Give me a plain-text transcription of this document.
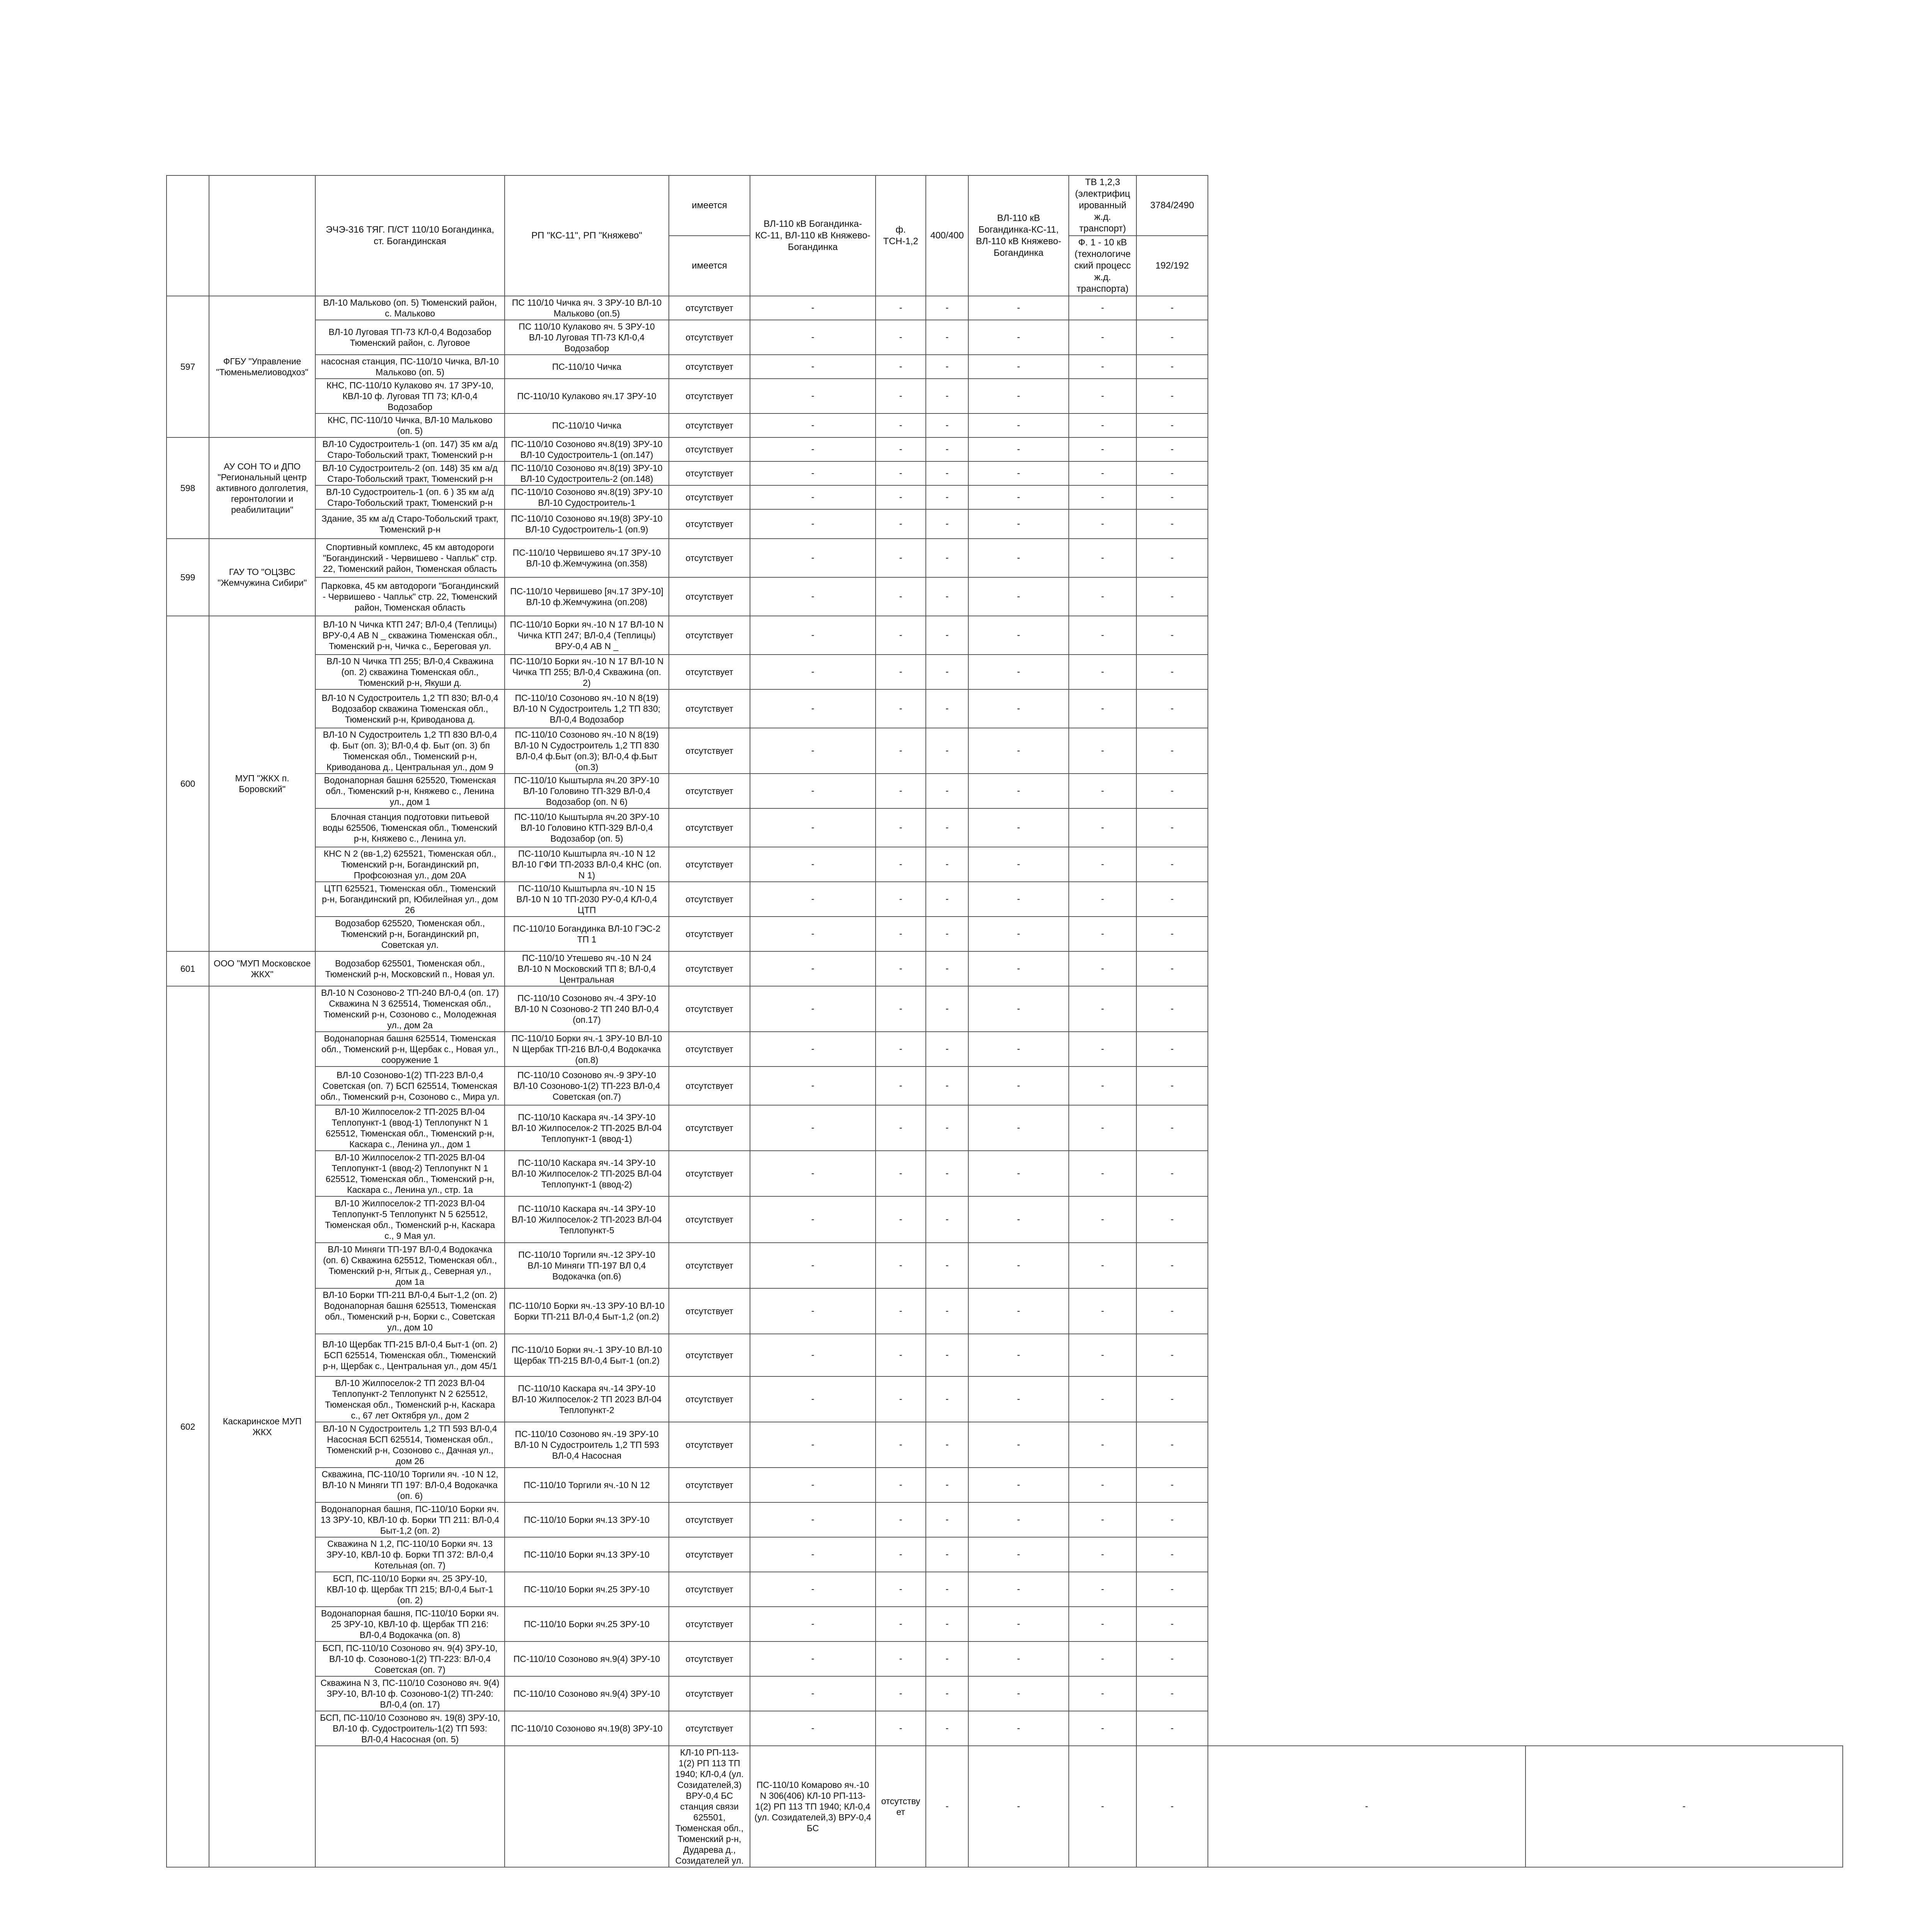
		ЭЧЭ-316 ТЯГ. П/СТ 110/10 Богандинка, ст. Богандинская	РП "КС-11", РП "Княжево"	имеется	ВЛ-110 кВ Богандинка-КС-11, ВЛ-110 кВ Княжево-Богандинка	ф. ТСН-1,2	400/400	ВЛ-110 кВ Богандинка-КС-11, ВЛ-110 кВ Княжево-Богандинка	ТВ 1,2,3 (электрифицированный ж.д. транспорт)	3784/2490		
				имеется					Ф. 1 - 10 кВ (технологический процесс ж.д. транспорта)	192/192		
597	ФГБУ "Управление "Тюменьмелиоводхоз"	ВЛ-10 Мальково (оп. 5) Тюменский район, с. Мальково	ПС 110/10 Чичка яч. 3 ЗРУ-10 ВЛ-10 Мальково (оп.5)	отсутствует	-	-	-	-	-	-		
		ВЛ-10 Луговая ТП-73 КЛ-0,4 Водозабор Тюменский район, с. Луговое	ПС 110/10 Кулаково яч. 5 ЗРУ-10 ВЛ-10 Луговая ТП-73 КЛ-0,4 Водозабор	отсутствует	-	-	-	-	-	-		
		насосная станция, ПС-110/10 Чичка, ВЛ-10 Мальково (оп. 5)	ПС-110/10 Чичка	отсутствует	-	-	-	-	-	-		
		КНС, ПС-110/10 Кулаково яч. 17 ЗРУ-10, КВЛ-10 ф. Луговая ТП 73; КЛ-0,4 Водозабор	ПС-110/10 Кулаково яч.17 ЗРУ-10	отсутствует	-	-	-	-	-	-		
		КНС, ПС-110/10 Чичка, ВЛ-10 Мальково (оп. 5)	ПС-110/10 Чичка	отсутствует	-	-	-	-	-	-		
598	АУ СОН ТО и ДПО "Региональный центр активного долголетия, геронтологии и реабилитации"	ВЛ-10 Судостроитель-1 (оп. 147) 35 км а/д Старо-Тобольский тракт, Тюменский р-н	ПС-110/10 Созоново яч.8(19) ЗРУ-10 ВЛ-10 Судостроитель-1 (оп.147)	отсутствует	-	-	-	-	-	-		
		ВЛ-10 Судостроитель-2 (оп. 148) 35 км а/д Старо-Тобольский тракт, Тюменский р-н	ПС-110/10 Созоново яч.8(19) ЗРУ-10 ВЛ-10 Судостроитель-2 (оп.148)	отсутствует	-	-	-	-	-	-		
		ВЛ-10 Судостроитель-1 (оп. 6 ) 35 км а/д Старо-Тобольский тракт, Тюменский р-н	ПС-110/10 Созоново яч.8(19) ЗРУ-10 ВЛ-10 Судостроитель-1	отсутствует	-	-	-	-	-	-		
		Здание, 35 км а/д Старо-Тобольский тракт, Тюменский р-н	ПС-110/10 Созоново яч.19(8) ЗРУ-10 ВЛ-10 Судостроитель-1 (оп.9)	отсутствует	-	-	-	-	-	-		
599	ГАУ ТО "ОЦЗВС "Жемчужина Сибири"	Спортивный комплекс, 45 км автодороги "Богандинский - Червишево - Чапльк" стр. 22, Тюменский район, Тюменская область	ПС-110/10 Червишево яч.17 ЗРУ-10 ВЛ-10 ф.Жемчужина (оп.358)	отсутствует	-	-	-	-	-	-		
		Парковка, 45 км автодороги "Богандинский - Червишево - Чапльк" стр. 22, Тюменский район, Тюменская область	ПС-110/10 Червишево [яч.17 ЗРУ-10] ВЛ-10 ф.Жемчужина (оп.208)	отсутствует	-	-	-	-	-	-		
600	МУП "ЖКХ п. Боровский"	ВЛ-10 N Чичка КТП 247; ВЛ-0,4 (Теплицы) ВРУ-0,4 АВ N _ скважина Тюменская обл., Тюменский р-н, Чичка с., Береговая ул.	ПС-110/10 Борки яч.-10 N 17 ВЛ-10 N Чичка КТП 247; ВЛ-0,4 (Теплицы) ВРУ-0,4 АВ N _	отсутствует	-	-	-	-	-	-		
		ВЛ-10 N Чичка ТП 255; ВЛ-0,4 Скважина (оп. 2) скважина Тюменская обл., Тюменский р-н, Якуши д.	ПС-110/10 Борки яч.-10 N 17 ВЛ-10 N Чичка ТП 255; ВЛ-0,4 Скважина (оп. 2)	отсутствует	-	-	-	-	-	-		
		ВЛ-10 N Судостроитель 1,2 ТП 830; ВЛ-0,4 Водозабор скважина Тюменская обл., Тюменский р-н, Криводанова д.	ПС-110/10 Созоново яч.-10 N 8(19) ВЛ-10 N Судостроитель 1,2 ТП 830; ВЛ-0,4 Водозабор	отсутствует	-	-	-	-	-	-		
		ВЛ-10 N Судостроитель 1,2 ТП 830 ВЛ-0,4 ф. Быт (оп. 3); ВЛ-0,4 ф. Быт (оп. 3) бп Тюменская обл., Тюменский р-н, Криводанова д., Центральная ул., дом 9	ПС-110/10 Созоново яч.-10 N 8(19) ВЛ-10 N Судостроитель 1,2 ТП 830 ВЛ-0,4 ф.Быт (оп.3); ВЛ-0,4 ф.Быт (оп.3)	отсутствует	-	-	-	-	-	-		
		Водонапорная башня 625520, Тюменская обл., Тюменский р-н, Княжево с., Ленина ул., дом 1	ПС-110/10 Кыштырла яч.20 ЗРУ-10 ВЛ-10 Головино ТП-329 ВЛ-0,4 Водозабор (оп. N 6)	отсутствует	-	-	-	-	-	-		
		Блочная станция подготовки питьевой воды 625506, Тюменская обл., Тюменский р-н, Княжево с., Ленина ул.	ПС-110/10 Кыштырла яч.20 ЗРУ-10 ВЛ-10 Головино КТП-329 ВЛ-0,4 Водозабор (оп. 5)	отсутствует	-	-	-	-	-	-		
		КНС N 2 (вв-1,2) 625521, Тюменская обл., Тюменский р-н, Богандинский рп, Профсоюзная ул., дом 20А	ПС-110/10 Кыштырла яч.-10 N 12 ВЛ-10 ГФИ ТП-2033 ВЛ-0,4 КНС (оп. N 1)	отсутствует	-	-	-	-	-	-		
		ЦТП 625521, Тюменская обл., Тюменский р-н, Богандинский рп, Юбилейная ул., дом 26	ПС-110/10 Кыштырла яч.-10 N 15 ВЛ-10 N 10 ТП-2030 РУ-0,4 КЛ-0,4 ЦТП	отсутствует	-	-	-	-	-	-		
		Водозабор 625520, Тюменская обл., Тюменский р-н, Богандинский рп, Советская ул.	ПС-110/10 Богандинка ВЛ-10 ГЭС-2 ТП 1	отсутствует	-	-	-	-	-	-		
601	ООО "МУП Московское ЖКХ"	Водозабор 625501, Тюменская обл., Тюменский р-н, Московский п., Новая ул.	ПС-110/10 Утешево яч.-10 N 24 ВЛ-10 N Московский ТП 8; ВЛ-0,4 Центральная	отсутствует	-	-	-	-	-	-		
602	Каскаринское МУП ЖКХ	ВЛ-10 N Созоново-2 ТП-240 ВЛ-0,4 (оп. 17) Скважина N 3 625514, Тюменская обл., Тюменский р-н, Созоново с., Молодежная ул., дом 2а	ПС-110/10 Созоново яч.-4 ЗРУ-10 ВЛ-10 N Созоново-2 ТП 240 ВЛ-0,4 (оп.17)	отсутствует	-	-	-	-	-	-		
		Водонапорная башня 625514, Тюменская обл., Тюменский р-н, Щербак с., Новая ул., сооружение 1	ПС-110/10 Борки яч.-1 ЗРУ-10 ВЛ-10 N Щербак ТП-216 ВЛ-0,4 Водокачка (оп.8)	отсутствует	-	-	-	-	-	-		
		ВЛ-10 Созоново-1(2) ТП-223 ВЛ-0,4 Советская (оп. 7) БСП 625514, Тюменская обл., Тюменский р-н, Созоново с., Мира ул.	ПС-110/10 Созоново яч.-9 ЗРУ-10 ВЛ-10 Созоново-1(2) ТП-223 ВЛ-0,4 Советская (оп.7)	отсутствует	-	-	-	-	-	-		
		ВЛ-10 Жилпоселок-2 ТП-2025 ВЛ-04 Теплопункт-1 (ввод-1) Теплопункт N 1 625512, Тюменская обл., Тюменский р-н, Каскара с., Ленина ул., дом 1	ПС-110/10 Каскара яч.-14 ЗРУ-10 ВЛ-10 Жилпоселок-2 ТП-2025 ВЛ-04 Теплопункт-1 (ввод-1)	отсутствует	-	-	-	-	-	-		
		ВЛ-10 Жилпоселок-2 ТП-2025 ВЛ-04 Теплопункт-1 (ввод-2) Теплопункт N 1 625512, Тюменская обл., Тюменский р-н, Каскара с., Ленина ул., стр. 1а	ПС-110/10 Каскара яч.-14 ЗРУ-10 ВЛ-10 Жилпоселок-2 ТП-2025 ВЛ-04 Теплопункт-1 (ввод-2)	отсутствует	-	-	-	-	-	-		
		ВЛ-10 Жилпоселок-2 ТП-2023 ВЛ-04 Теплопункт-5 Теплопункт N 5 625512, Тюменская обл., Тюменский р-н, Каскара с., 9 Мая ул.	ПС-110/10 Каскара яч.-14 ЗРУ-10 ВЛ-10 Жилпоселок-2 ТП-2023 ВЛ-04 Теплопункт-5	отсутствует	-	-	-	-	-	-		
		ВЛ-10 Миняги ТП-197 ВЛ-0,4 Водокачка (оп. 6) Скважина 625512, Тюменская обл., Тюменский р-н, Ягтык д., Северная ул., дом 1а	ПС-110/10 Торгили яч.-12 ЗРУ-10 ВЛ-10 Миняги ТП-197 ВЛ 0,4 Водокачка (оп.6)	отсутствует	-	-	-	-	-	-		
		ВЛ-10 Борки ТП-211 ВЛ-0,4 Быт-1,2 (оп. 2) Водонапорная башня 625513, Тюменская обл., Тюменский р-н, Борки с., Советская ул., дом 10	ПС-110/10 Борки яч.-13 ЗРУ-10 ВЛ-10 Борки ТП-211 ВЛ-0,4 Быт-1,2 (оп.2)	отсутствует	-	-	-	-	-	-		
		ВЛ-10 Щербак ТП-215 ВЛ-0,4 Быт-1 (оп. 2) БСП 625514, Тюменская обл., Тюменский р-н, Щербак с., Центральная ул., дом 45/1	ПС-110/10 Борки яч.-1 ЗРУ-10 ВЛ-10 Щербак ТП-215 ВЛ-0,4 Быт-1 (оп.2)	отсутствует	-	-	-	-	-	-		
		ВЛ-10 Жилпоселок-2 ТП 2023 ВЛ-04 Теплопункт-2 Теплопункт N 2 625512, Тюменская обл., Тюменский р-н, Каскара с., 67 лет Октября ул., дом 2	ПС-110/10 Каскара яч.-14 ЗРУ-10 ВЛ-10 Жилпоселок-2 ТП 2023 ВЛ-04 Теплопункт-2	отсутствует	-	-	-	-	-	-		
		ВЛ-10 N Судостроитель 1,2 ТП 593 ВЛ-0,4 Насосная БСП 625514, Тюменская обл., Тюменский р-н, Созоново с., Дачная ул., дом 26	ПС-110/10 Созоново яч.-19 ЗРУ-10 ВЛ-10 N Судостроитель 1,2 ТП 593 ВЛ-0,4 Насосная	отсутствует	-	-	-	-	-	-		
		Скважина, ПС-110/10 Торгили яч. -10 N 12, ВЛ-10 N Миняги ТП 197: ВЛ-0,4 Водокачка (оп. 6)	ПС-110/10 Торгили яч.-10 N 12	отсутствует	-	-	-	-	-	-		
		Водонапорная башня, ПС-110/10 Борки яч. 13 ЗРУ-10, КВЛ-10 ф. Борки ТП 211: ВЛ-0,4 Быт-1,2 (оп. 2)	ПС-110/10 Борки яч.13 ЗРУ-10	отсутствует	-	-	-	-	-	-		
		Скважина N 1,2, ПС-110/10 Борки яч. 13 ЗРУ-10, КВЛ-10 ф. Борки ТП 372: ВЛ-0,4 Котельная (оп. 7)	ПС-110/10 Борки яч.13 ЗРУ-10	отсутствует	-	-	-	-	-	-		
		БСП, ПС-110/10 Борки яч. 25 ЗРУ-10, КВЛ-10 ф. Щербак ТП 215; ВЛ-0,4 Быт-1 (оп. 2)	ПС-110/10 Борки яч.25 ЗРУ-10	отсутствует	-	-	-	-	-	-		
		Водонапорная башня, ПС-110/10 Борки яч. 25 ЗРУ-10, КВЛ-10 ф. Щербак ТП 216: ВЛ-0,4 Водокачка (оп. 8)	ПС-110/10 Борки яч.25 ЗРУ-10	отсутствует	-	-	-	-	-	-		
		БСП, ПС-110/10 Созоново яч. 9(4) ЗРУ-10, ВЛ-10 ф. Созоново-1(2) ТП-223: ВЛ-0,4 Советская (оп. 7)	ПС-110/10 Созоново яч.9(4) ЗРУ-10	отсутствует	-	-	-	-	-	-		
		Скважина N 3, ПС-110/10 Созоново яч. 9(4) ЗРУ-10, ВЛ-10 ф. Созоново-1(2) ТП-240: ВЛ-0,4 (оп. 17)	ПС-110/10 Созоново яч.9(4) ЗРУ-10	отсутствует	-	-	-	-	-	-		
		БСП, ПС-110/10 Созоново яч. 19(8) ЗРУ-10, ВЛ-10 ф. Судостроитель-1(2) ТП 593: ВЛ-0,4 Насосная (оп. 5)	ПС-110/10 Созоново яч.19(8) ЗРУ-10	отсутствует	-	-	-	-	-	-		
				КЛ-10 РП-113-1(2) РП 113 ТП 1940; КЛ-0,4 (ул. Созидателей,3) ВРУ-0,4 БС станция связи 625501, Тюменская обл., Тюменский р-н, Дударева д., Созидателей ул.	ПС-110/10 Комарово яч.-10 N 306(406) КЛ-10 РП-113-1(2) РП 113 ТП 1940; КЛ-0,4 (ул. Созидателей,3) ВРУ-0,4 БС	отсутствует	-	-	-	-	-	-
